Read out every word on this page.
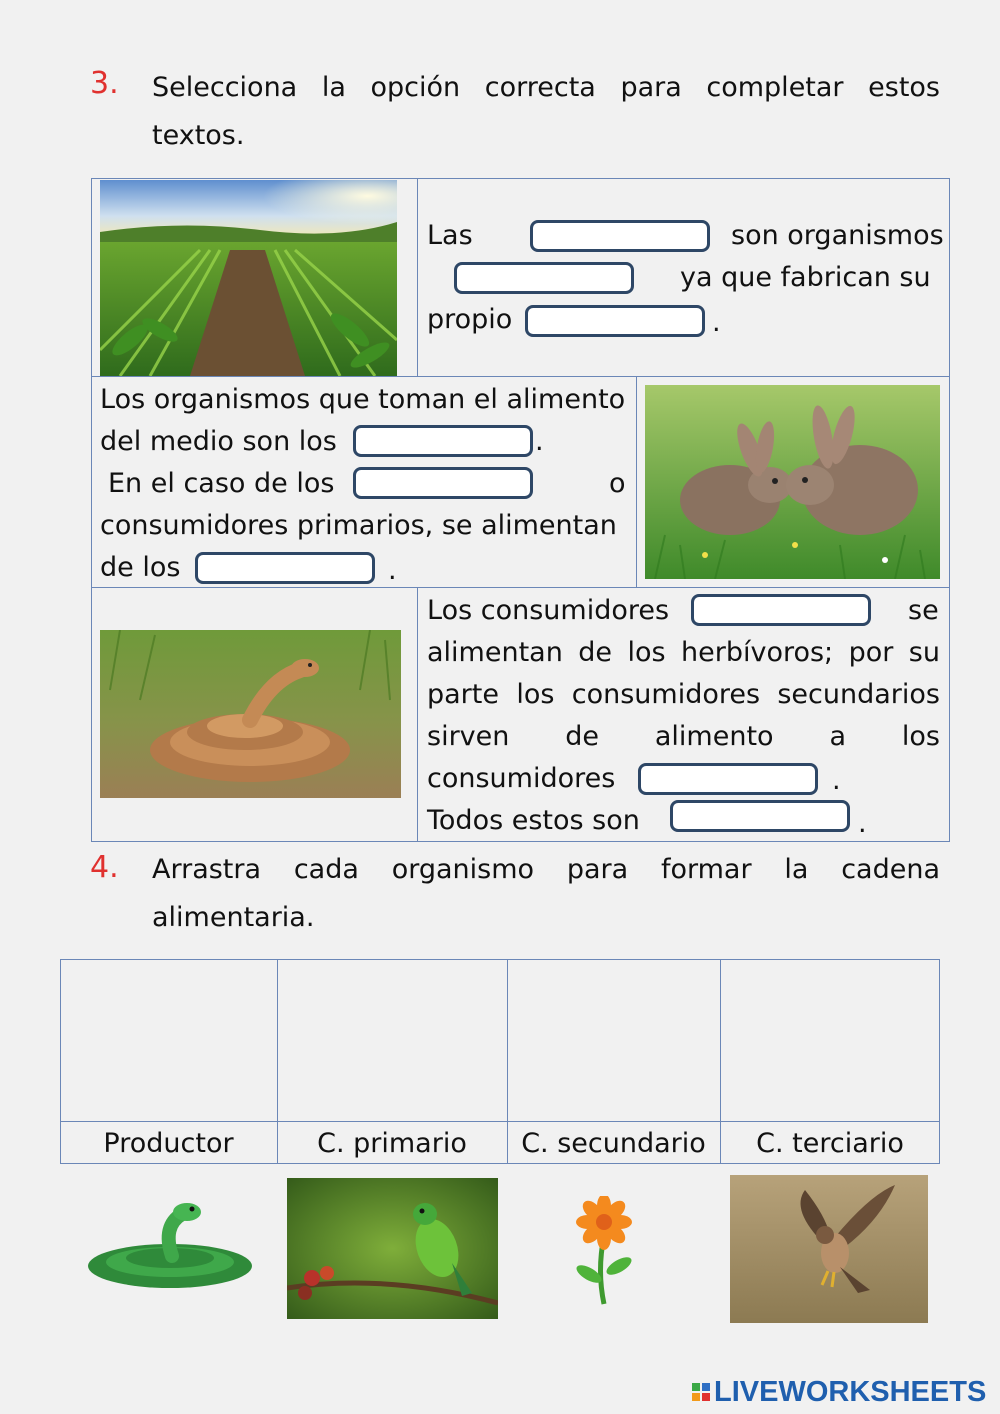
3. Selecciona la opción correcta para completar estos
textos.
Las	son organismos
ya que fabrican su
propio	.
Los organismos que toman el alimento
del medio son los	.
En el caso de los	o
consumidores primarios, se alimentan
de los	.
Los consumidores	se
alimentan de los herbívoros; por su
parte los consumidores secundarios
sirven de alimento a los
consumidores	.
Todos estos son	.
4. Arrastra cada organismo para formar la cadena
alimentaria.
Productor	C. primario	C. secundario	C. terciario
LIVEWORKSHEETS
